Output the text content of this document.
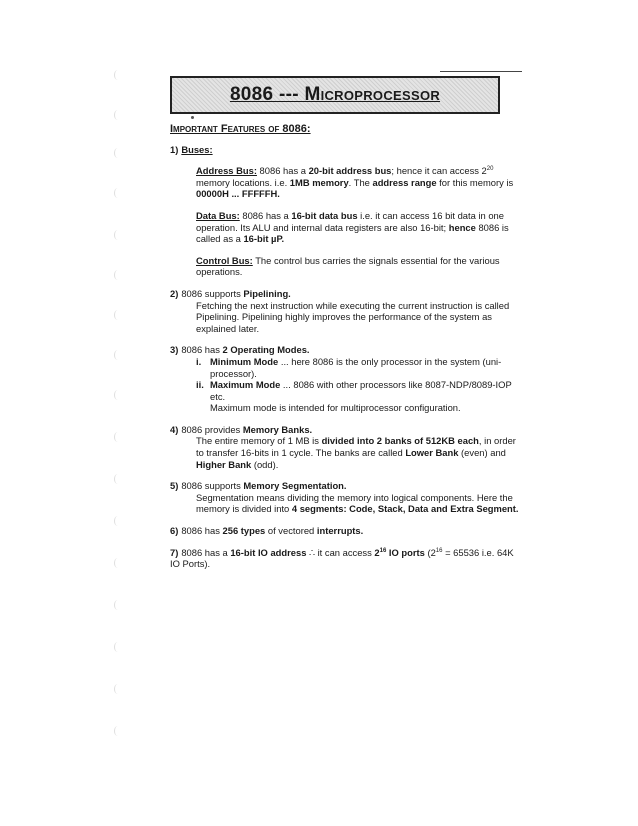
8086 --- Microprocessor
Important Features of 8086:
1) Buses:
Address Bus: 8086 has a 20-bit address bus; hence it can access $2^{20}$ memory locations. i.e. 1MB memory. The address range for this memory is 00000H ... FFFFFH.
Data Bus: 8086 has a 16-bit data bus i.e. it can access 16 bit data in one operation. Its ALU and internal data registers are also 16-bit; hence 8086 is called as a 16-bit µP.
Control Bus: The control bus carries the signals essential for the various operations.
2) 8086 supports Pipelining.
Fetching the next instruction while executing the current instruction is called Pipelining. Pipelining highly improves the performance of the system as explained later.
3) 8086 has 2 Operating Modes.
i. Minimum Mode ... here 8086 is the only processor in the system (uni-processor).
ii. Maximum Mode ... 8086 with other processors like 8087-NDP/8089-IOP etc.
Maximum mode is intended for multiprocessor configuration.
4) 8086 provides Memory Banks.
The entire memory of 1 MB is divided into 2 banks of 512KB each, in order to transfer 16-bits in 1 cycle. The banks are called Lower Bank (even) and Higher Bank (odd).
5) 8086 supports Memory Segmentation.
Segmentation means dividing the memory into logical components. Here the memory is divided into 4 segments: Code, Stack, Data and Extra Segment.
6) 8086 has 256 types of vectored interrupts.
7) 8086 has a 16-bit IO address ∴ it can access $2^{16}$ IO ports ($2^{16} = 65536$ i.e. 64K IO Ports).
